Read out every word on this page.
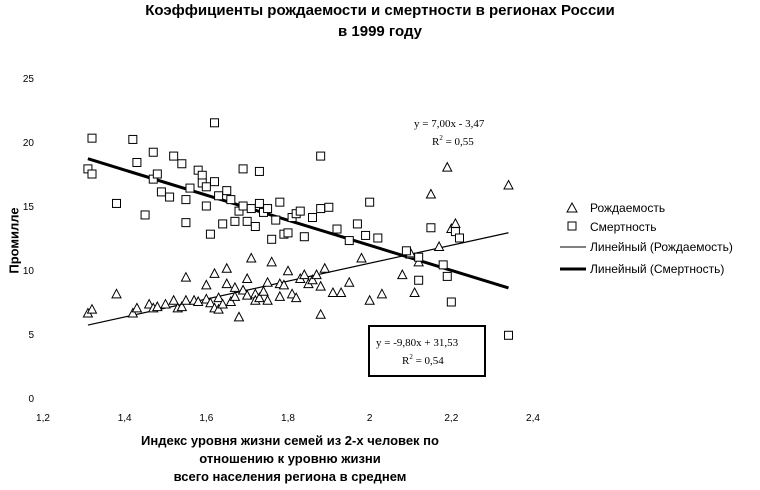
Коэффициенты рождаемости и смертности в регионах России
в 1999 году
Промилле
Индекс уровня жизни семей из 2-х человек по
отношению к уровню жизни
всего населения региона в среднем
0
5
10
15
20
25
1,2	1,4	1,6	1,8	2	2,2	2,4
y = 7,00x - 3,47
$R^2 = 0,55$
y = -9,80x + 31,53
$R^2 = 0,54$
Рождаемость
Смертность
Линейный (Рождаемость)
Линейный (Смертность)
